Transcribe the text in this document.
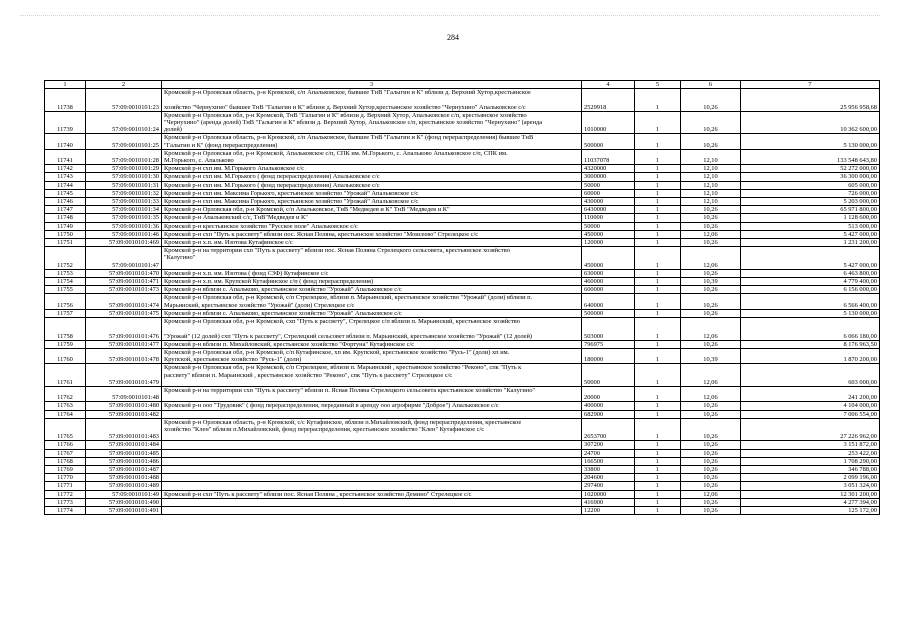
284
1	2	3	4	5	6	7
11738	57:09:0010101:23	Кромской р-н Орловская область, р-н Кромской, с/п Апальковское, бывшее ТнВ "Галыгин и К" вблизи д. Верхний Хутор,крестьянское
хозяйство "Чернухино" бывшее ТнВ "Галыгин и К" вблизи д. Верхний Хутор,крестьянское хозяйство "Чернухино" Апальковское с/с	2529918	1	10,26	25 956 958,68
11739	57:09:0010101:24	Кромской р-н Орловская обл, р-н Кромской, ТнВ "Галыгин и К" вблизи д. Верхний Хутор, Апальковское с/п, крестьянское хозяйство
"Чернухино" (аренда долей) ТнВ "Галыгин и К" вблизи д. Верхний Хутор, Апальковское с/п, крестьянское хозяйство "Чернухино" (аренда
долей)	1010000	1	10,26	10 362 600,00
11740	57:09:0010101:25	Кромской р-н Орловская область, р-н Кромской, с/п Апальковское, бывшее ТнВ "Галыгин и К" (фонд перераспределения) бывшее ТнВ
"Галыгин и К" (фонд перераспределения)	500000	1	10,26	5 130 000,00
11741	57:09:0010101:28	Кромской р-н Орловская обл, р-н Кромской, Апальковское с/п, СПК им. М.Горького, с. Апальково Апальковское с/п, СПК им.
М.Горького, с. Апальково	11037078	1	12,10	133 548 643,80
11742	57:09:0010101:29	Кромской р-н схп им. М.Горького Апальковское с/с	4320000	1	12,10	52 272 000,00
11743	57:09:0010101:30	Кромской р-н схп им. М.Горького ( фонд перераспределения) Апальковское с/с	3000000	1	12,10	36 300 000,00
11744	57:09:0010101:31	Кромской р-н схп им. М.Горького ( фонд перераспределения) Апальковское с/с	50000	1	12,10	605 000,00
11745	57:09:0010101:32	Кромской р-н схп им. Максима Горького, крестьянское хозяйство "Урожай" Апальковское с/с	60000	1	12,10	726 000,00
11746	57:09:0010101:33	Кромской р-н схп им. Максима Горького, крестьянское хозяйство "Урожай" Апальковское с/с	430000	1	12,10	5 203 000,00
11747	57:09:0010101:34	Кромской р-н Орловская обл, р-н Кромской, с/п Апальковское, ТнВ "Медведев и К" ТнВ "Медведев и К"	6430000	1	10,26	65 971 800,00
11748	57:09:0010101:35	Кромской р-н Апальковский с/с, ТнВ"Медведев и К"	110000	1	10,26	1 128 600,00
11749	57:09:0010101:36	Кромской р-н крестьянское хозяйство "Русское поле" Апальковское с/с	50000	1	10,26	513 000,00
11750	57:09:0010101:46	Кромской р-н схп "Путь к рассвету" вблизи пос. Ясная Поляна, крестьянское хозяйство "Моисеево" Стрелецкое с/с	450000	1	12,06	5 427 000,00
11751	57:09:0010101:469	Кромской р-н х.п. им. Изотова Кутафинское с/с	120000	1	10,26	1 231 200,00
11752	57:09:0010101:47	Кромской р-н на территории схп "Путь к рассвету" вблизи пос. Ясная Поляна Стрелецкого сельсовета, крестьянское хозяйство
"Калугино"	450000	1	12,06	5 427 000,00
11753	57:09:0010101:470	Кромской р-н х.п. им. Изотова ( фонд СЗФ) Кутафинское с/с	630000	1	10,26	6 463 800,00
11754	57:09:0010101:471	Кромской р-н х.п. им. Крупской Кутафинское с/п ( фонд перераспределения)	460000	1	10,39	4 779 400,00
11755	57:09:0010101:473	Кромской р-н вблизи с. Апальково, крестьянское хозяйство "Урожай" Апальковское с/с	600000	1	10,26	6 156 000,00
11756	57:09:0010101:474	Кромской р-н Орловская обл, р-н Кромской, с/п Стрелецкое, вблизи п. Марьинский, крестьянское хозяйство "Урожай" (доли) вблизи п.
Марьинский, крестьянское хозяйство "Урожай" (доли) Стрелецкое с/с	640000	1	10,26	6 566 400,00
11757	57:09:0010101:475	Кромской р-н вблизи с. Апальково, крестьянское хозяйство "Урожай" Апальковское с/с	500000	1	10,26	5 130 000,00
11758	57:09:0010101:476	Кромской р-н Орловская обл, р-н Кромской, схп "Путь к рассвету", Стрелецкое с/п вблизи п. Марьинский, крестьянское хозяйство
"Урожай" (12 долей) схп "Путь к рассвету", Стрелецкий сельсовет вблизи п. Марьинский, крестьянское хозяйство "Урожай" (12 долей)	503000	1	12,06	6 066 180,00
11759	57:09:0010101:477	Кромской р-н вблизи п. Михайловский, крестьянское хозяйство "Фортуна" Кутафинское с/с	796975	1	10,26	8 176 963,50
11760	57:09:0010101:478	Кромской р-н Орловская обл, р-н Кромской, с/п Кутафинское, хп им. Крупской, крестьянское хозяйство "Русь-1" (доли) хп им.
Крупской, крестьянское хозяйство "Русь-1" (доли)	180000	1	10,39	1 870 200,00
11761	57:09:0010101:479	Кромской р-н Орловская обл, р-н Кромской, с/п Стрелецкое, вблизи п. Марьинский , крестьянское хозяйство "Реконо", спк "Путь к
рассвету" вблизи п. Марьинский , крестьянское хозяйство "Реконо", спк "Путь к рассвету" Стрелецкое с/с	50000	1	12,06	603 000,00
11762	57:09:0010101:48	Кромской р-н на территории схп "Путь к рассвету" вблизи п. Ясная Поляна Стрелецкого сельсовета крестьянское хозяйство "Калугино"	20000	1	12,06	241 200,00
11763	57:09:0010101:480	Кромской р-н ооо "Трудовик" ( фонд перераспределения, переданный в аренду ооо агрофирме "Доброе") Апальковское с/с	400000	1	10,26	4 104 000,00
11764	57:09:0010101:482		682900	1	10,26	7 006 554,00
11765	57:09:0010101:483	Кромской р-н Орловская область, р-н Кромской, с/с Кутафинское, вблизи п.Михайловский, фонд перераспределения, крестьянское
хозяйство "Клен" вблизи п.Михайловский, фонд перераспределения, крестьянское хозяйство "Клен" Кутафинское с/с	2653700	1	10,26	27 226 962,00
11766	57:09:0010101:484		307200	1	10,26	3 151 872,00
11767	57:09:0010101:485		24700	1	10,26	253 422,00
11768	57:09:0010101:486		166500	1	10,26	1 708 290,00
11769	57:09:0010101:487		33800	1	10,26	346 788,00
11770	57:09:0010101:488		204600	1	10,26	2 099 196,00
11771	57:09:0010101:489		297400	1	10,26	3 051 324,00
11772	57:09:0010101:49	Кромской р-н схп "Путь к рассвету" вблизи пос. Ясная Поляна , крестьянское хозяйство Демино" Стрелецкое с/с	1020000	1	12,06	12 301 200,00
11773	57:09:0010101:490		416900	1	10,26	4 277 394,00
11774	57:09:0010101:491		12200	1	10,26	125 172,00
